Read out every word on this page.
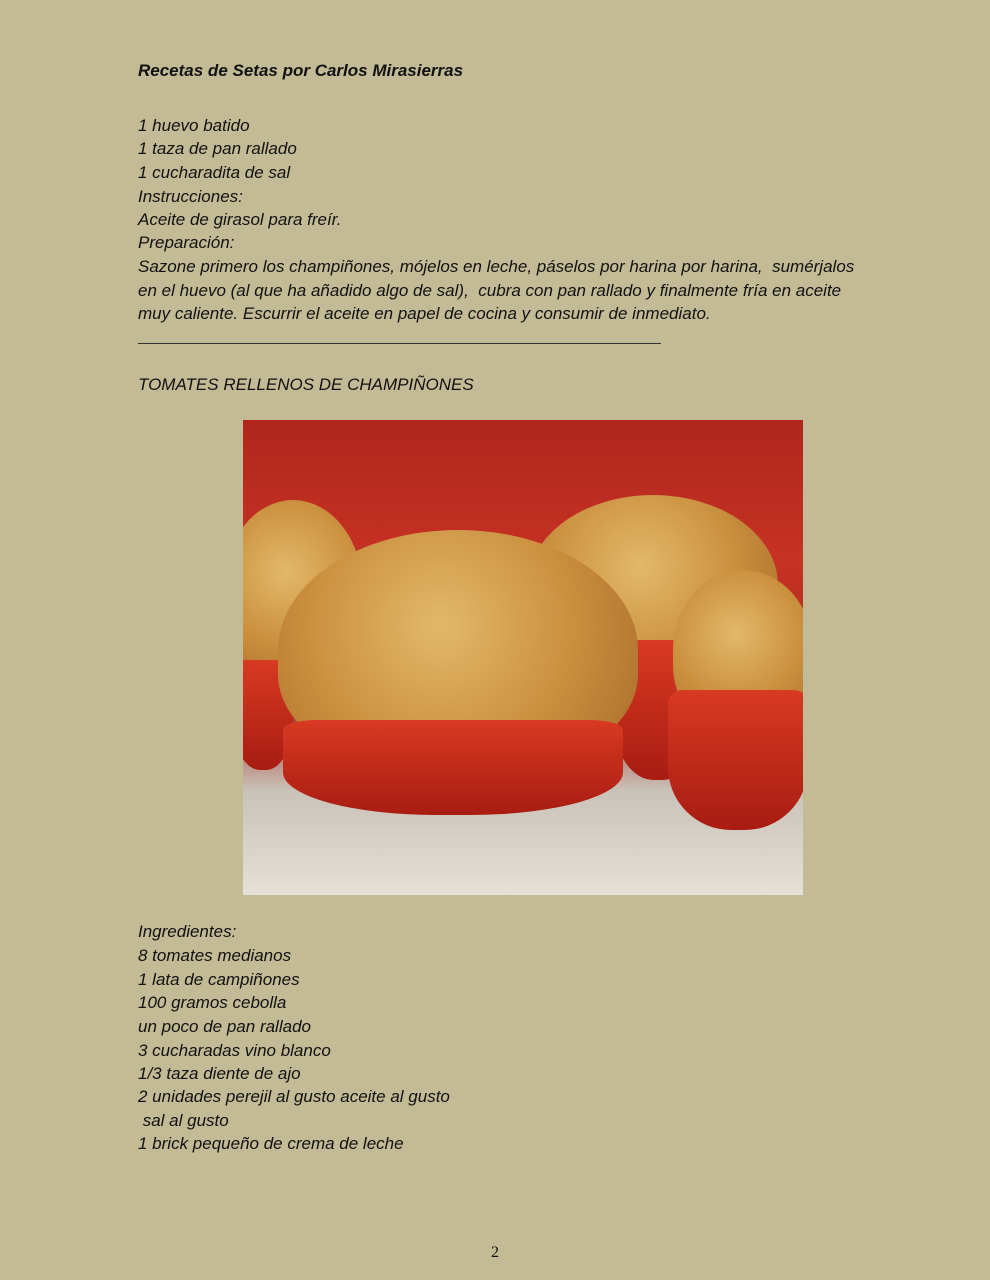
Recetas de Setas por Carlos Mirasierras
1 huevo batido
1 taza de pan rallado
1 cucharadita de sal
Instrucciones:
Aceite de girasol para freír.
Preparación:
Sazone primero los champiñones, mójelos en leche, páselos por harina por harina,  sumérjalos
en el huevo (al que ha añadido algo de sal),  cubra con pan rallado y finalmente fría en aceite
muy caliente. Escurrir el aceite en papel de cocina y consumir de inmediato.
TOMATES RELLENOS DE CHAMPIÑONES
Ingredientes:
8 tomates medianos
1 lata de campiñones
100 gramos cebolla
un poco de pan rallado
3 cucharadas vino blanco
1/3 taza diente de ajo
2 unidades perejil al gusto aceite al gusto
sal al gusto
1 brick pequeño de crema de leche
2
